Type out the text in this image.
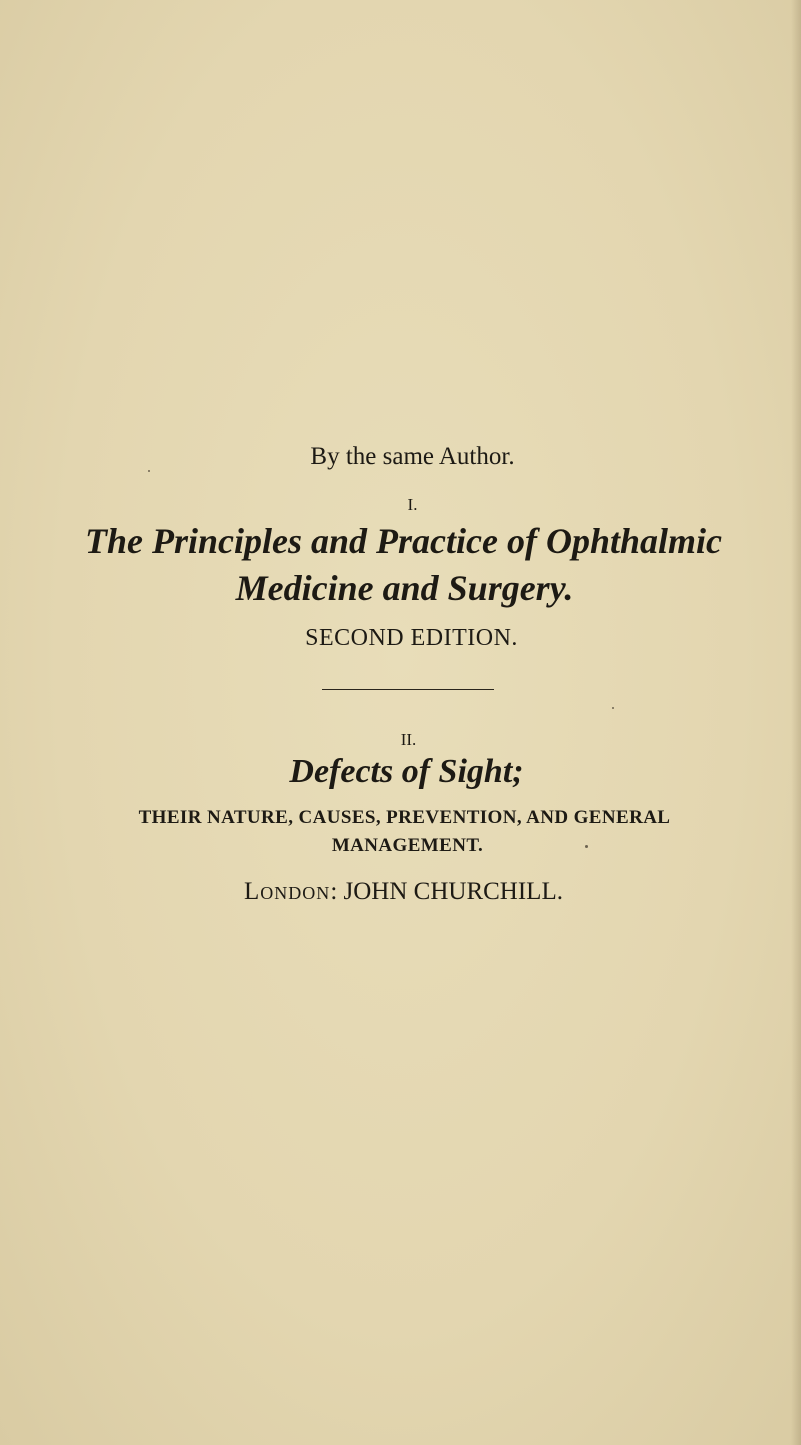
By the same Author.
I.
The Principles and Practice of Ophthalmic
Medicine and Surgery.
SECOND EDITION.
II.
Defects of Sight;
THEIR NATURE, CAUSES, PREVENTION, AND GENERAL
MANAGEMENT.
London: JOHN CHURCHILL.
